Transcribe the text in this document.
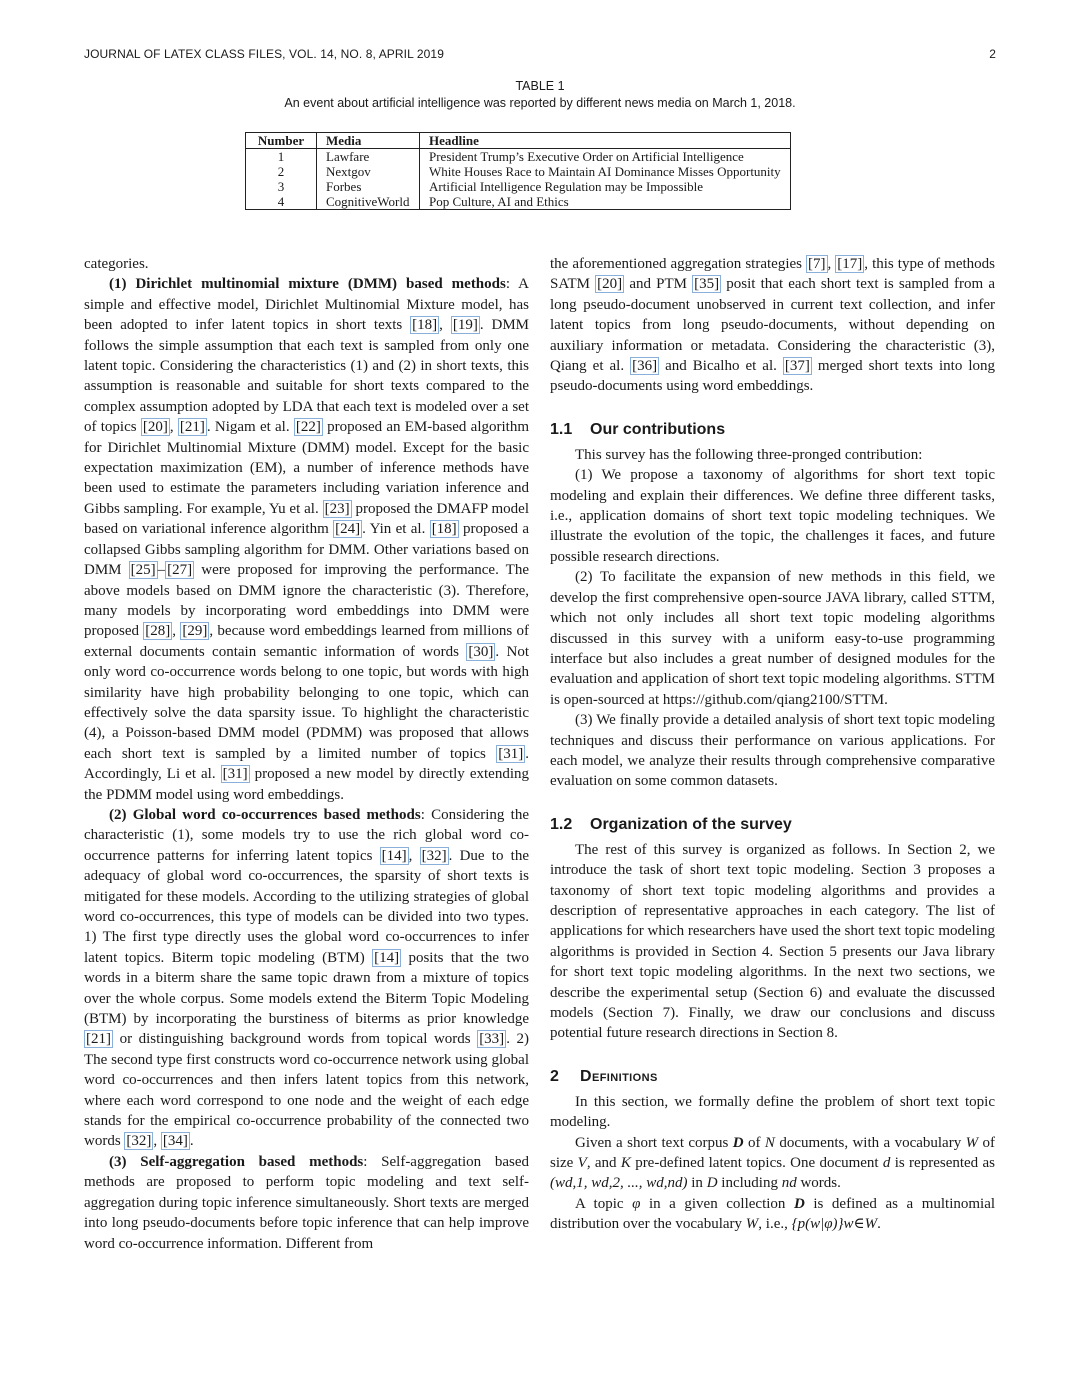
JOURNAL OF LATEX CLASS FILES, VOL. 14, NO. 8, APRIL 2019	2
TABLE 1
An event about artificial intelligence was reported by different news media on March 1, 2018.
Number	Media	Headline
1	Lawfare	President Trump’s Executive Order on Artificial Intelligence
2	Nextgov	White Houses Race to Maintain AI Dominance Misses Opportunity
3	Forbes	Artificial Intelligence Regulation may be Impossible
4	CognitiveWorld	Pop Culture, AI and Ethics

categories.

(1) Dirichlet multinomial mixture (DMM) based methods: A simple and effective model, Dirichlet Multinomial Mixture model, has been adopted to infer latent topics in short texts [18] , [19] . DMM follows the simple assumption that each text is sampled from only one latent topic. Considering the characteristics (1) and (2) in short texts, this assumption is reasonable and suitable for short texts compared to the complex assumption adopted by LDA that each text is modeled over a set of topics [20] , [21] . Nigam et al. [22] proposed an EM-based algorithm for Dirichlet Multinomial Mixture (DMM) model. Except for the basic expectation maximization (EM), a number of inference methods have been used to estimate the parameters including variation inference and Gibbs sampling. For example, Yu et al. [23] proposed the DMAFP model based on variational inference algorithm [24] . Yin et al. [18] proposed a collapsed Gibbs sampling algorithm for DMM. Other variations based on DMM [25] – [27] were proposed for improving the performance. The above models based on DMM ignore the characteristic (3). Therefore, many models by incorporating word embeddings into DMM were proposed [28] , [29] , because word embeddings learned from millions of external documents contain semantic information of words [30] . Not only word co-occurrence words belong to one topic, but words with high similarity have high probability belonging to one topic, which can effectively solve the data sparsity issue. To highlight the characteristic (4), a Poisson-based DMM model (PDMM) was proposed that allows each short text is sampled by a limited number of topics [31] . Accordingly, Li et al. [31] proposed a new model by directly extending the PDMM model using word embeddings.

(2) Global word co-occurrences based methods: Considering the characteristic (1), some models try to use the rich global word co-occurrence patterns for inferring latent topics [14] , [32] . Due to the adequacy of global word co-occurrences, the sparsity of short texts is mitigated for these models. According to the utilizing strategies of global word co-occurrences, this type of models can be divided into two types. 1) The first type directly uses the global word co-occurrences to infer latent topics. Biterm topic modeling (BTM) [14] posits that the two words in a biterm share the same topic drawn from a mixture of topics over the whole corpus. Some models extend the Biterm Topic Modeling (BTM) by incorporating the burstiness of biterms as prior knowledge [21] or distinguishing background words from topical words [33] . 2) The second type first constructs word co-occurrence network using global word co-occurrences and then infers latent topics from this network, where each word correspond to one node and the weight of each edge stands for the empirical co-occurrence probability of the connected two words [32] , [34] .

(3) Self-aggregation based methods: Self-aggregation based methods are proposed to perform topic modeling and text self-aggregation during topic inference simultaneously. Short texts are merged into long pseudo-documents before topic inference that can help improve word co-occurrence information. Different from

the aforementioned aggregation strategies [7] , [17] , this type of methods SATM [20] and PTM [35] posit that each short text is sampled from a long pseudo-document unobserved in current text collection, and infer latent topics from long pseudo-documents, without depending on auxiliary information or metadata. Considering the characteristic (3), Qiang et al. [36] and Bicalho et al. [37] merged short texts into long pseudo-documents using word embeddings.

1.1 Our contributions

This survey has the following three-pronged contribution:

(1) We propose a taxonomy of algorithms for short text topic modeling and explain their differences. We define three different tasks, i.e., application domains of short text topic modeling techniques. We illustrate the evolution of the topic, the challenges it faces, and future possible research directions.

(2) To facilitate the expansion of new methods in this field, we develop the first comprehensive open-source JAVA library, called STTM, which not only includes all short text topic modeling algorithms discussed in this survey with a uniform easy-to-use programming interface but also includes a great number of designed modules for the evaluation and application of short text topic modeling algorithms. STTM is open-sourced at https://github.com/qiang2100/STTM.

(3) We finally provide a detailed analysis of short text topic modeling techniques and discuss their performance on various applications. For each model, we analyze their results through comprehensive comparative evaluation on some common datasets.

1.2 Organization of the survey

The rest of this survey is organized as follows. In Section 2, we introduce the task of short text topic modeling. Section 3 proposes a taxonomy of short text topic modeling algorithms and provides a description of representative approaches in each category. The list of applications for which researchers have used the short text topic modeling algorithms is provided in Section 4. Section 5 presents our Java library for short text topic modeling algorithms. In the next two sections, we describe the experimental setup (Section 6) and evaluate the discussed models (Section 7). Finally, we draw our conclusions and discuss potential future research directions in Section 8.

2 Definitions

In this section, we formally define the problem of short text topic modeling.

Given a short text corpus D of N documents, with a vocabulary W of size V, and K pre-defined latent topics. One document d is represented as (wd,1, wd,2, ..., wd,nd) in D including nd words.

A topic φ in a given collection D is defined as a multinomial distribution over the vocabulary W, i.e., {p(w|φ)}w∈W.
